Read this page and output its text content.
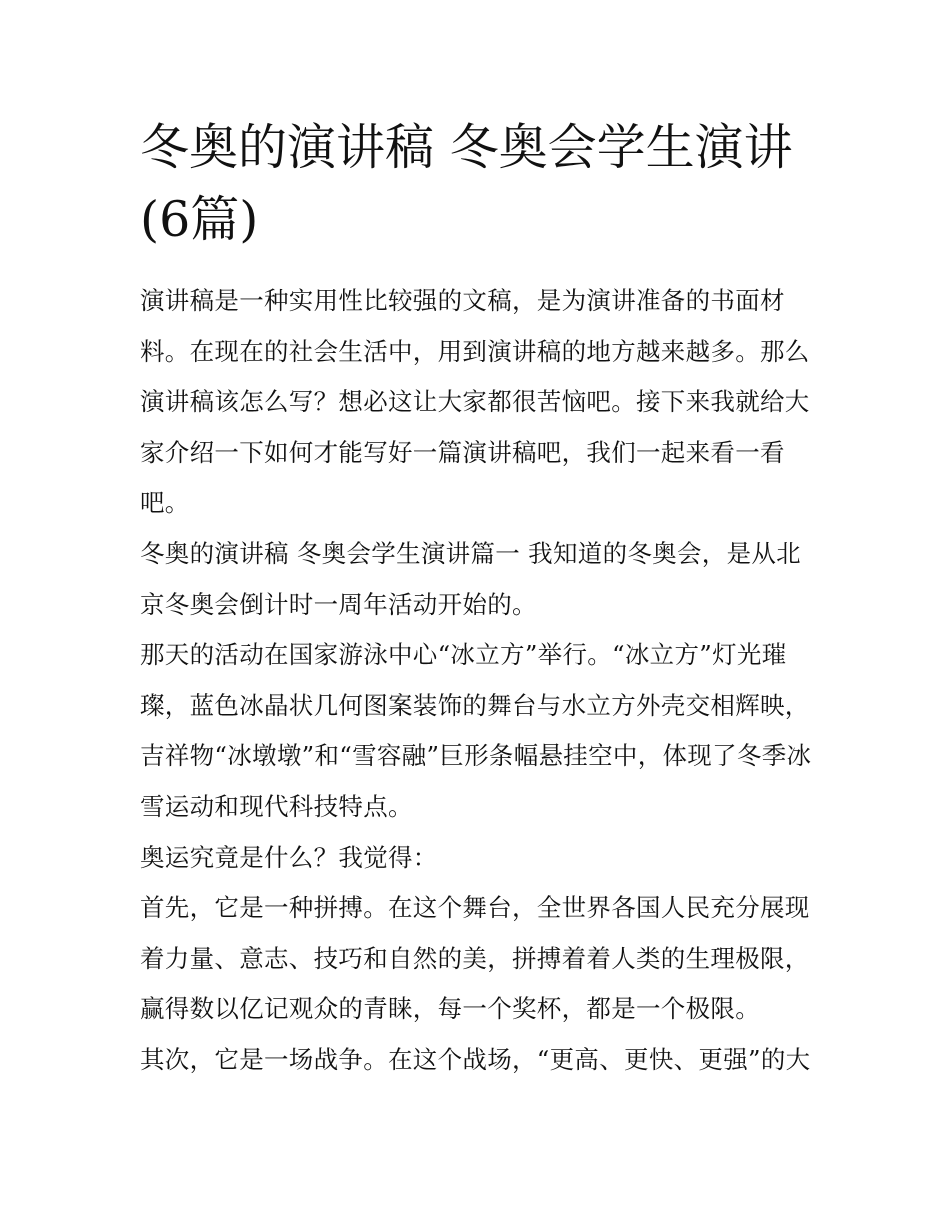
冬奥的演讲稿 冬奥会学生演讲(6篇)

演讲稿是一种实用性比较强的文稿，是为演讲准备的书面材料。在现在的社会生活中，用到演讲稿的地方越来越多。那么演讲稿该怎么写？想必这让大家都很苦恼吧。接下来我就给大家介绍一下如何才能写好一篇演讲稿吧，我们一起来看一看吧。

冬奥的演讲稿 冬奥会学生演讲篇一 我知道的冬奥会，是从北京冬奥会倒计时一周年活动开始的。

那天的活动在国家游泳中心“冰立方”举行。“冰立方”灯光璀璨，蓝色冰晶状几何图案装饰的舞台与水立方外壳交相辉映，吉祥物“冰墩墩”和“雪容融”巨形条幅悬挂空中，体现了冬季冰雪运动和现代科技特点。

奥运究竟是什么？我觉得：

首先，它是一种拼搏。在这个舞台，全世界各国人民充分展现着力量、意志、技巧和自然的美，拼搏着着人类的生理极限，赢得数以亿记观众的青睐，每一个奖杯，都是一个极限。

其次，它是一场战争。在这个战场，“更高、更快、更强”的大
